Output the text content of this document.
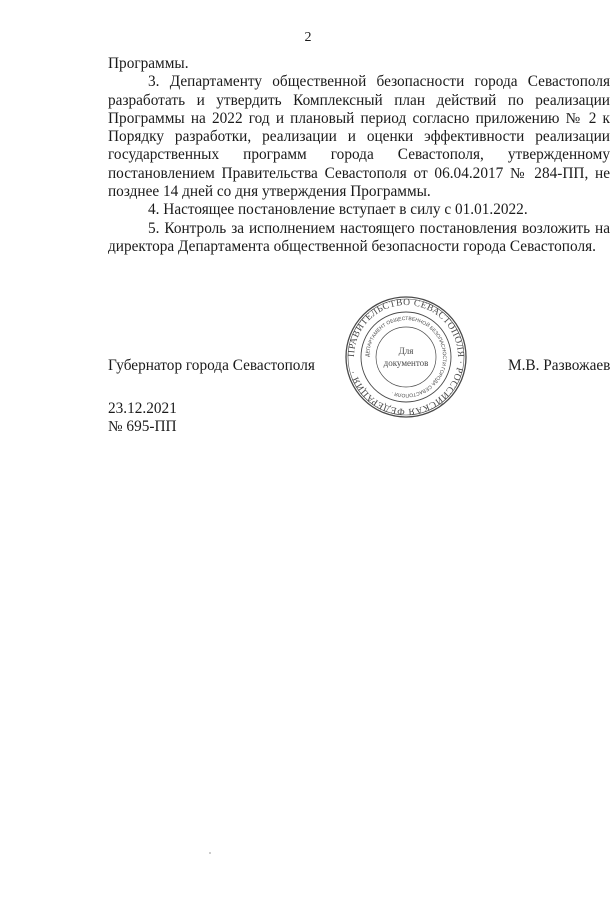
2

Программы.

3. Департаменту общественной безопасности города Севастополя разработать и утвердить Комплексный план действий по реализации Программы на 2022 год и плановый период согласно приложению № 2 к Порядку разработки, реализации и оценки эффективности реализации государственных программ города Севастополя, утвержденному постановлением Правительства Севастополя от 06.04.2017 № 284-ПП, не позднее 14 дней со дня утверждения Программы.

4. Настоящее постановление вступает в силу с 01.01.2022.

5. Контроль за исполнением настоящего постановления возложить на директора Департамента общественной безопасности города Севастополя.

Губернатор города Севастополя	М.В. Развожаев
ПРАВИТЕЛЬСТВО СЕВАСТОПОЛЯ · РОССИЙСКАЯ ФЕДЕРАЦИЯ ·
ДЕПАРТАМЕНТ ОБЩЕСТВЕННОЙ БЕЗОПАСНОСТИ ГОРОДА СЕВАСТОПОЛЯ ·
Для
документов
23.12.2021
№ 695-ПП
